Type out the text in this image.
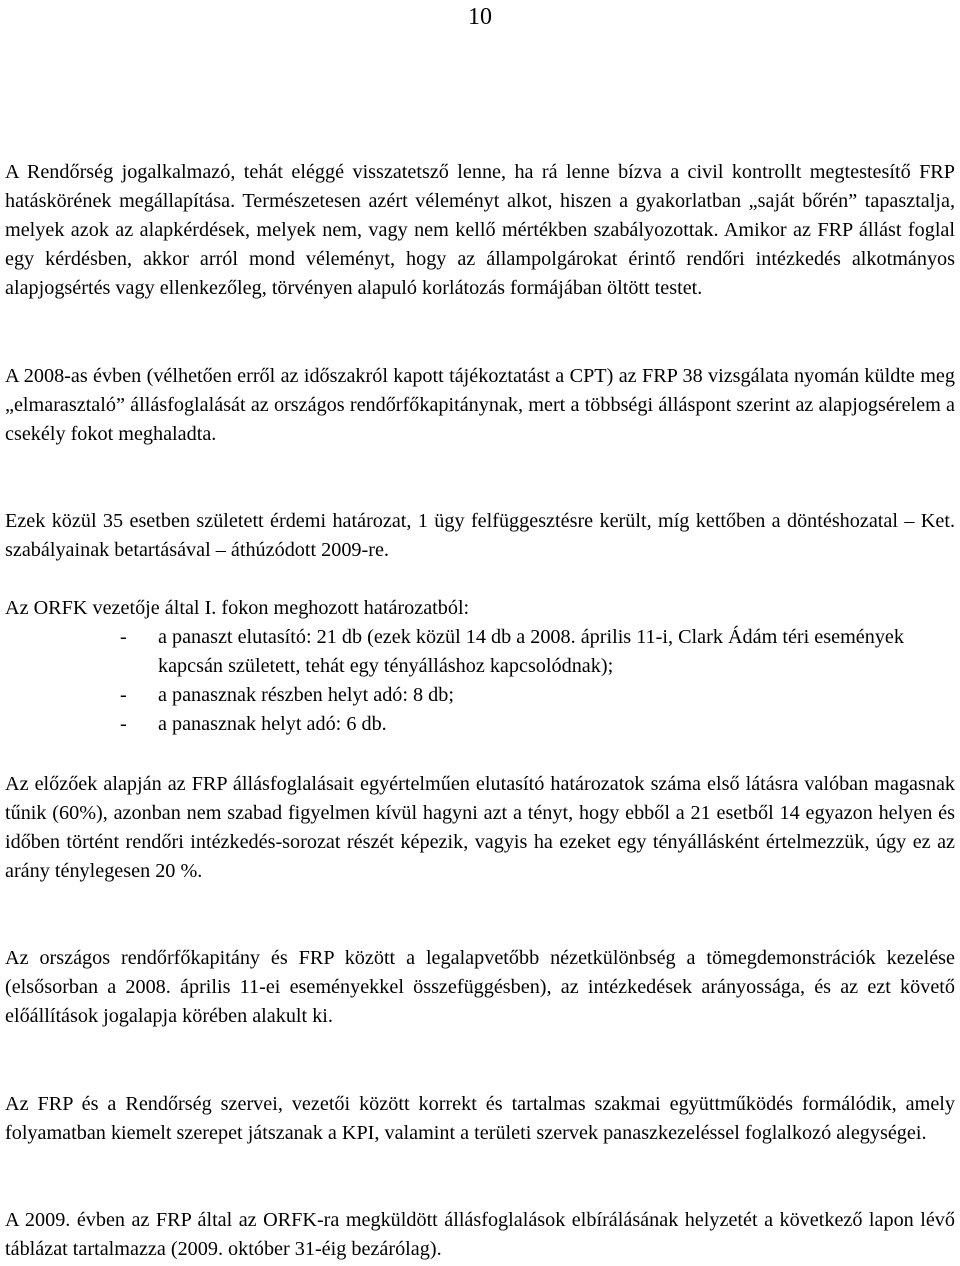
10

A Rendőrség jogalkalmazó, tehát eléggé visszatetsző lenne, ha rá lenne bízva a civil kontrollt megtestesítő FRP hatáskörének megállapítása. Természetesen azért véleményt alkot, hiszen a gyakorlatban „saját bőrén” tapasztalja, melyek azok az alapkérdések, melyek nem, vagy nem kellő mértékben szabályozottak. Amikor az FRP állást foglal egy kérdésben, akkor arról mond véleményt, hogy az állampolgárokat érintő rendőri intézkedés alkotmányos alapjogsértés vagy ellenkezőleg, törvényen alapuló korlátozás formájában öltött testet.

A 2008-as évben (vélhetően erről az időszakról kapott tájékoztatást a CPT) az FRP 38 vizsgálata nyomán küldte meg „elmarasztaló” állásfoglalását az országos rendőrfőkapitánynak, mert a többségi álláspont szerint az alapjogsérelem a csekély fokot meghaladta.

Ezek közül 35 esetben született érdemi határozat, 1 ügy felfüggesztésre került, míg kettőben a döntéshozatal – Ket. szabályainak betartásával – áthúzódott 2009-re.

Az ORFK vezetője által I. fokon meghozott határozatból:

- a panaszt elutasító: 21 db (ezek közül 14 db a 2008. április 11-i, Clark Ádám téri események kapcsán született, tehát egy tényálláshoz kapcsolódnak);
- a panasznak részben helyt adó: 8 db;
- a panasznak helyt adó: 6 db.

Az előzőek alapján az FRP állásfoglalásait egyértelműen elutasító határozatok száma első látásra valóban magasnak tűnik (60%), azonban nem szabad figyelmen kívül hagyni azt a tényt, hogy ebből a 21 esetből 14 egyazon helyen és időben történt rendőri intézkedés-sorozat részét képezik, vagyis ha ezeket egy tényállásként értelmezzük, úgy ez az arány ténylegesen 20 %.

Az országos rendőrfőkapitány és FRP között a legalapvetőbb nézetkülönbség a tömegdemonstrációk kezelése (elsősorban a 2008. április 11-ei eseményekkel összefüggésben), az intézkedések arányossága, és az ezt követő előállítások jogalapja körében alakult ki.

Az FRP és a Rendőrség szervei, vezetői között korrekt és tartalmas szakmai együttműködés formálódik, amely folyamatban kiemelt szerepet játszanak a KPI, valamint a területi szervek panaszkezeléssel foglalkozó alegységei.

A 2009. évben az FRP által az ORFK-ra megküldött állásfoglalások elbírálásának helyzetét a következő lapon lévő táblázat tartalmazza (2009. október 31-éig bezárólag).
